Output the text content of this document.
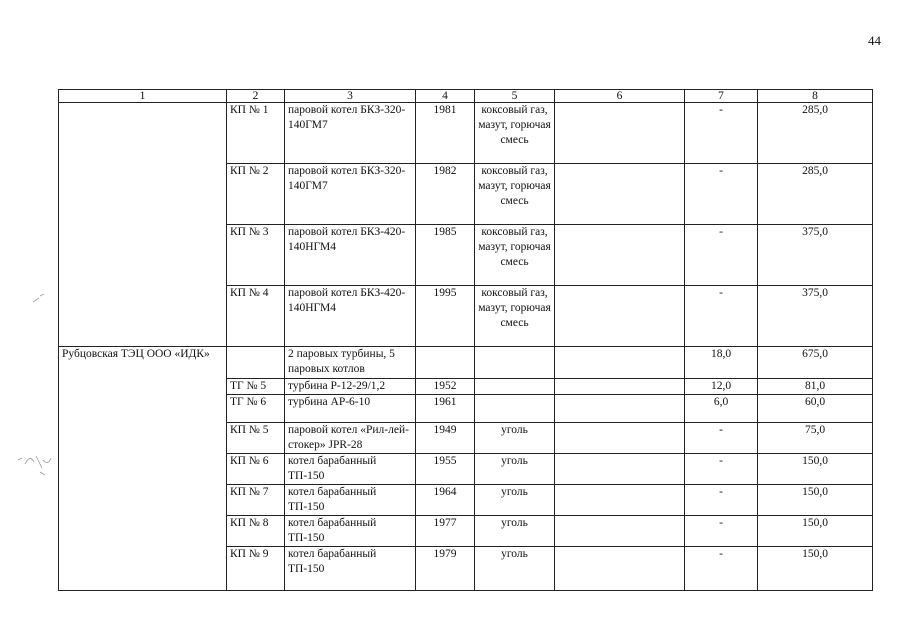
44
1	2	3	4	5	6	7	8
	КП № 1	паровой котел БКЗ-320-140ГМ7	1981	коксовый газ, мазут, горючая смесь		-	285,0
	КП № 2	паровой котел БКЗ-320-140ГМ7	1982	коксовый газ, мазут, горючая смесь		-	285,0
	КП № 3	паровой котел БКЗ-420-140НГМ4	1985	коксовый газ, мазут, горючая смесь		-	375,0
	КП № 4	паровой котел БКЗ-420-140НГМ4	1995	коксовый газ, мазут, горючая смесь		-	375,0
Рубцовская ТЭЦ ООО «ИДК»		2 паровых турбины, 5 паровых котлов				18,0	675,0
	ТГ № 5	турбина Р-12-29/1,2	1952			12,0	81,0
	ТГ № 6	турбина АР-6-10	1961			6,0	60,0
	КП № 5	паровой котел «Рил-лей-стокер» JPR-28	1949	уголь		-	75,0
	КП № 6	котел барабанный ТП-150	1955	уголь		-	150,0
	КП № 7	котел барабанный ТП-150	1964	уголь		-	150,0
	КП № 8	котел барабанный ТП-150	1977	уголь		-	150,0
	КП № 9	котел барабанный ТП-150	1979	уголь		-	150,0
